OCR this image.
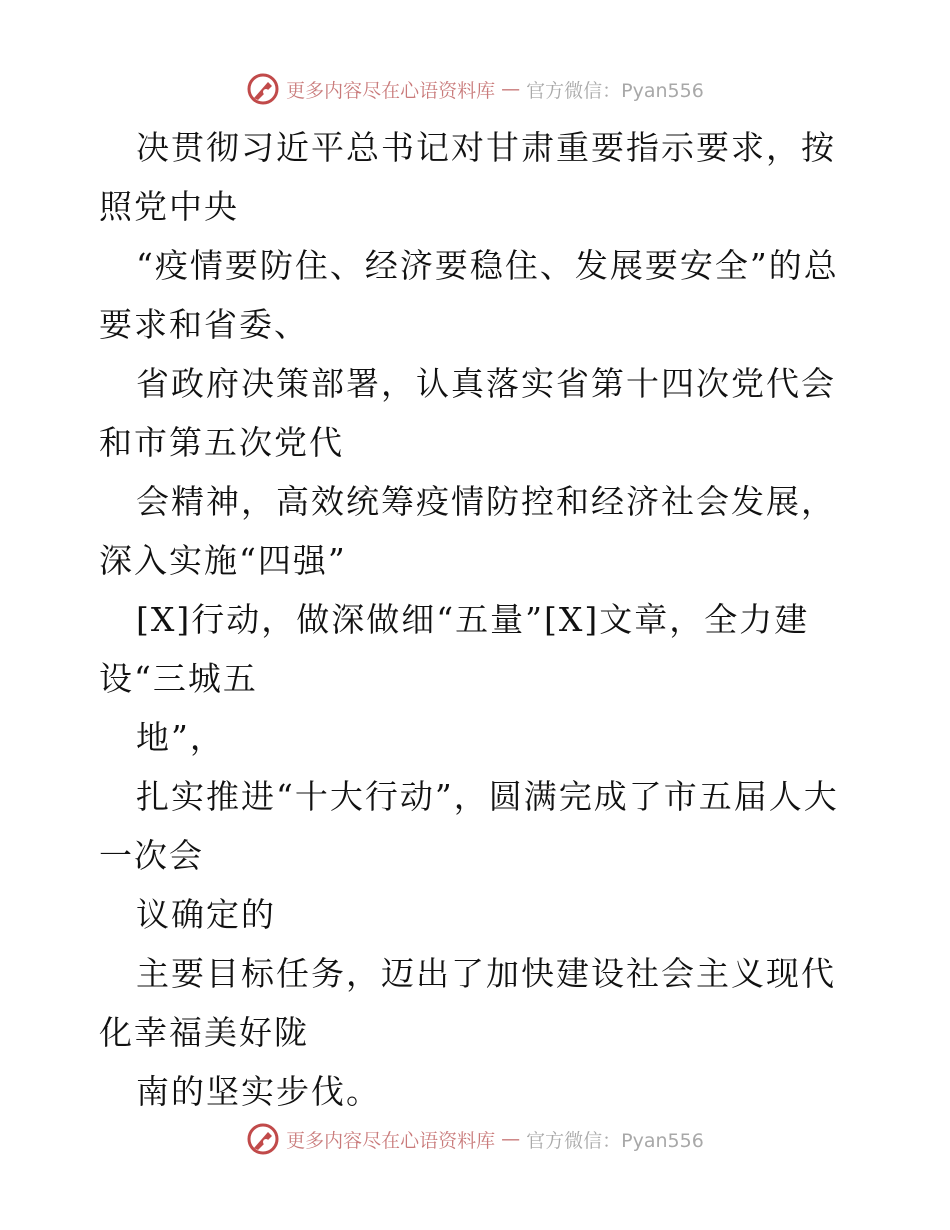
更多内容尽在心语资料库 — 官方微信：Pyan556

决贯彻习近平总书记对甘肃重要指示要求，按照党中央

“疫情要防住、经济要稳住、发展要安全”的总要求和省委、

省政府决策部署，认真落实省第十四次党代会和市第五次党代

会精神，高效统筹疫情防控和经济社会发展，深入实施“四强”

[X]行动，做深做细“五量”[X]文章，全力建设“三城五

地”，

扎实推进“十大行动”，圆满完成了市五届人大一次会

议确定的

主要目标任务，迈出了加快建设社会主义现代化幸福美好陇

南的坚实步伐。

更多内容尽在心语资料库 — 官方微信：Pyan556
